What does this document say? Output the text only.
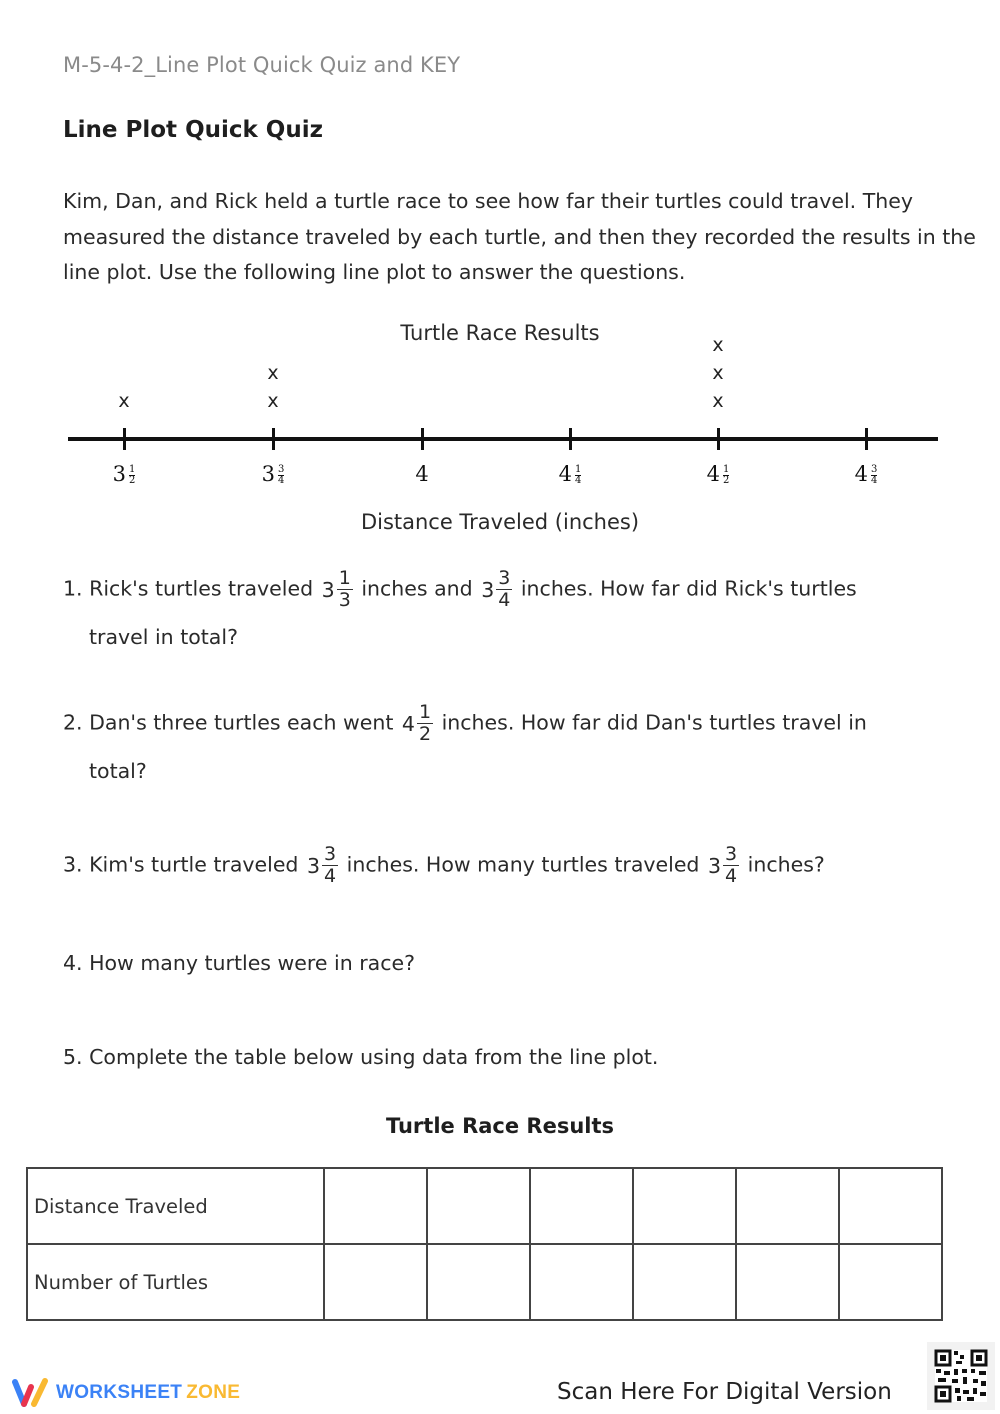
M-5-4-2_Line Plot Quick Quiz and KEY
Line Plot Quick Quiz
Kim, Dan, and Rick held a turtle race to see how far their turtles could travel. They measured the distance traveled by each turtle, and then they recorded the results in the line plot. Use the following line plot to answer the questions.
Turtle Race Results
$3 \frac{1}{2}$
x
$3 \frac{3}{4}$
x
x
4	$4 \frac{1}{4}$	$4 \frac{1}{2}$
x
x
x
$4 \frac{3}{4}$
Distance Traveled (inches)
1. Rick's turtles traveled 3 1
3 inches and 3 3
4 inches. How far did Rick's turtles
travel in total?
2. Dan's three turtles each went 4 1
2 inches. How far did Dan's turtles travel in
total?
3. Kim's turtle traveled 3 3
4 inches. How many turtles traveled 3 3
4 inches?
4. How many turtles were in race?
5. Complete the table below using data from the line plot.
Turtle Race Results
Distance Traveled						
Number of Turtles						
WORKSHEET ZONE	Scan Here For Digital Version
